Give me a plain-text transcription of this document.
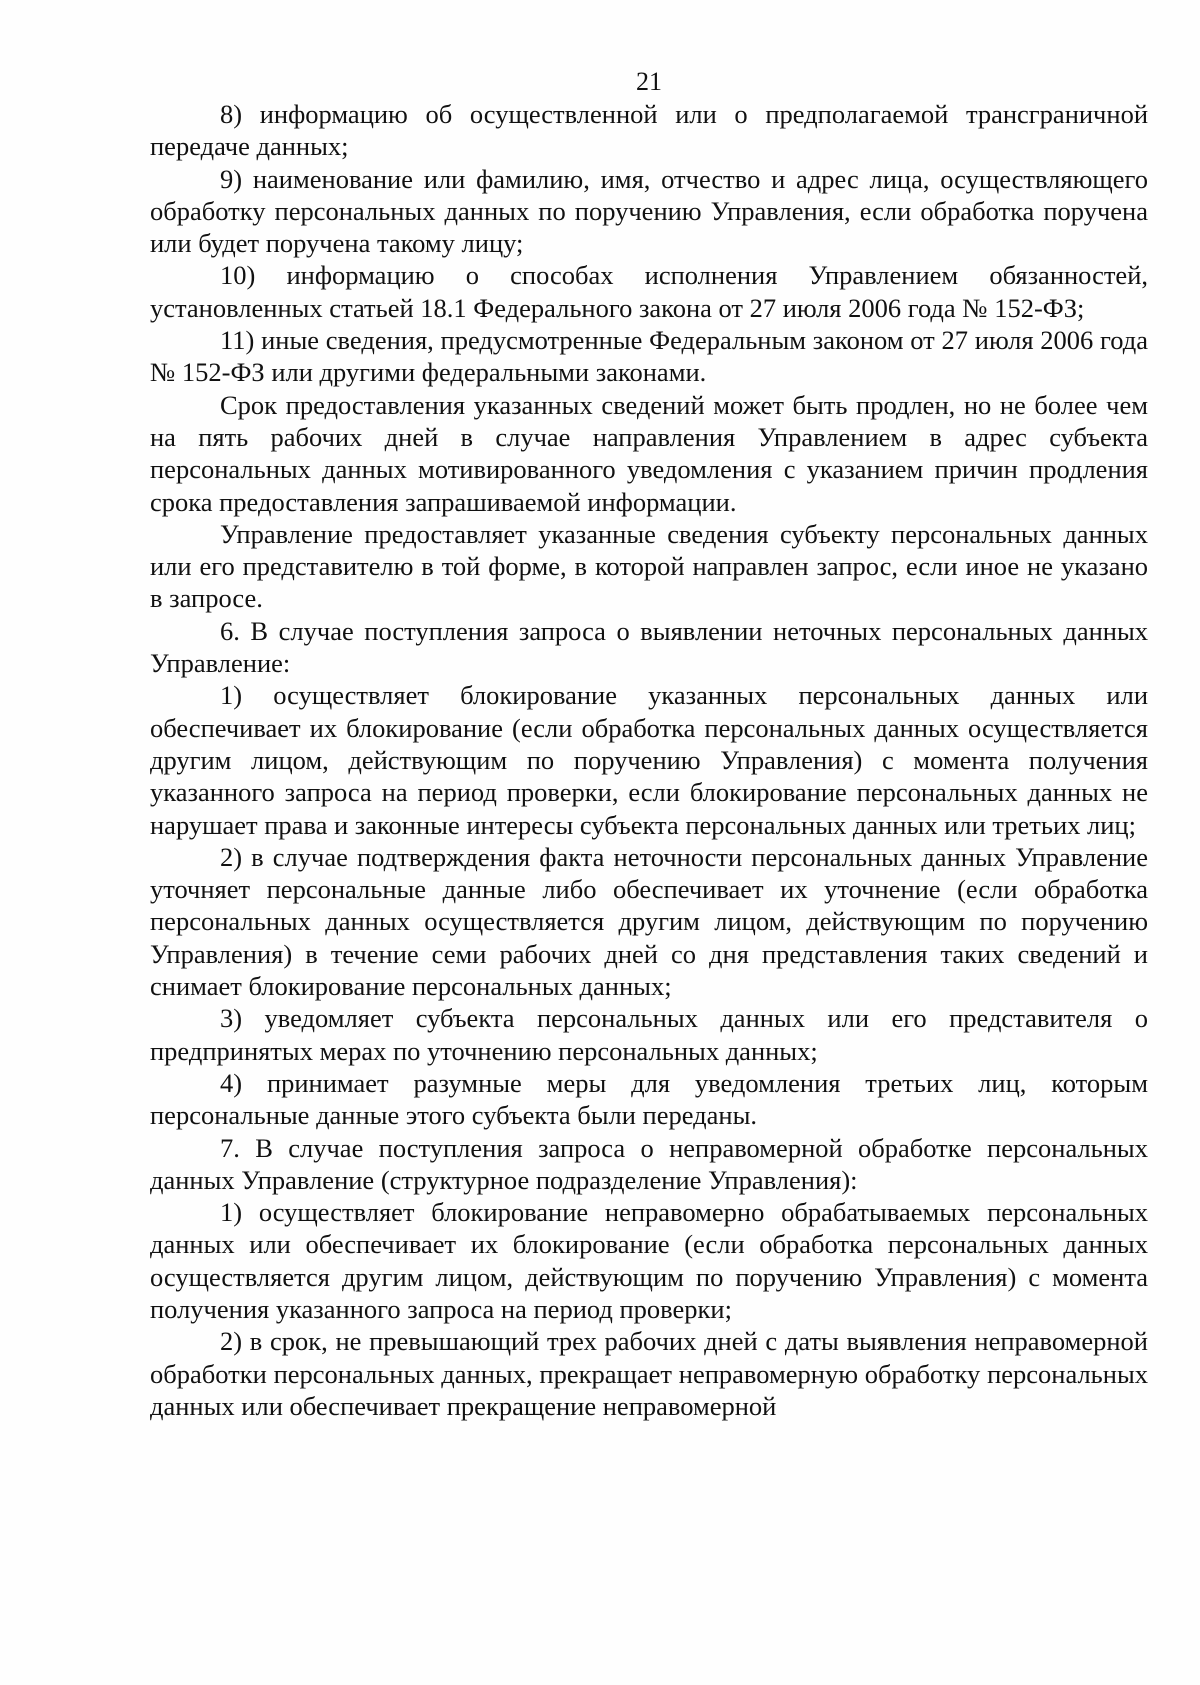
21

8) информацию об осуществленной или о предполагаемой трансграничной передаче данных;

9) наименование или фамилию, имя, отчество и адрес лица, осуществляющего обработку персональных данных по поручению Управления, если обработка поручена или будет поручена такому лицу;

10) информацию о способах исполнения Управлением обязанностей, установленных статьей 18.1 Федерального закона от 27 июля 2006 года № 152-ФЗ;

11) иные сведения, предусмотренные Федеральным законом от 27 июля 2006 года № 152-ФЗ или другими федеральными законами.

Срок предоставления указанных сведений может быть продлен, но не более чем на пять рабочих дней в случае направления Управлением в адрес субъекта персональных данных мотивированного уведомления с указанием причин продления срока предоставления запрашиваемой информации.

Управление предоставляет указанные сведения субъекту персональных данных или его представителю в той форме, в которой направлен запрос, если иное не указано в запросе.

6. В случае поступления запроса о выявлении неточных персональных данных Управление:

1) осуществляет блокирование указанных персональных данных или обеспечивает их блокирование (если обработка персональных данных осуществляется другим лицом, действующим по поручению Управления) с момента получения указанного запроса на период проверки, если блокирование персональных данных не нарушает права и законные интересы субъекта персональных данных или третьих лиц;

2) в случае подтверждения факта неточности персональных данных Управление уточняет персональные данные либо обеспечивает их уточнение (если обработка персональных данных осуществляется другим лицом, действующим по поручению Управления) в течение семи рабочих дней со дня представления таких сведений и снимает блокирование персональных данных;

3) уведомляет субъекта персональных данных или его представителя о предпринятых мерах по уточнению персональных данных;

4) принимает разумные меры для уведомления третьих лиц, которым персональные данные этого субъекта были переданы.

7. В случае поступления запроса о неправомерной обработке персональных данных Управление (структурное подразделение Управления):

1) осуществляет блокирование неправомерно обрабатываемых персональных данных или обеспечивает их блокирование (если обработка персональных данных осуществляется другим лицом, действующим по поручению Управления) с момента получения указанного запроса на период проверки;

2) в срок, не превышающий трех рабочих дней с даты выявления неправомерной обработки персональных данных, прекращает неправомерную обработку персональных данных или обеспечивает прекращение неправомерной
